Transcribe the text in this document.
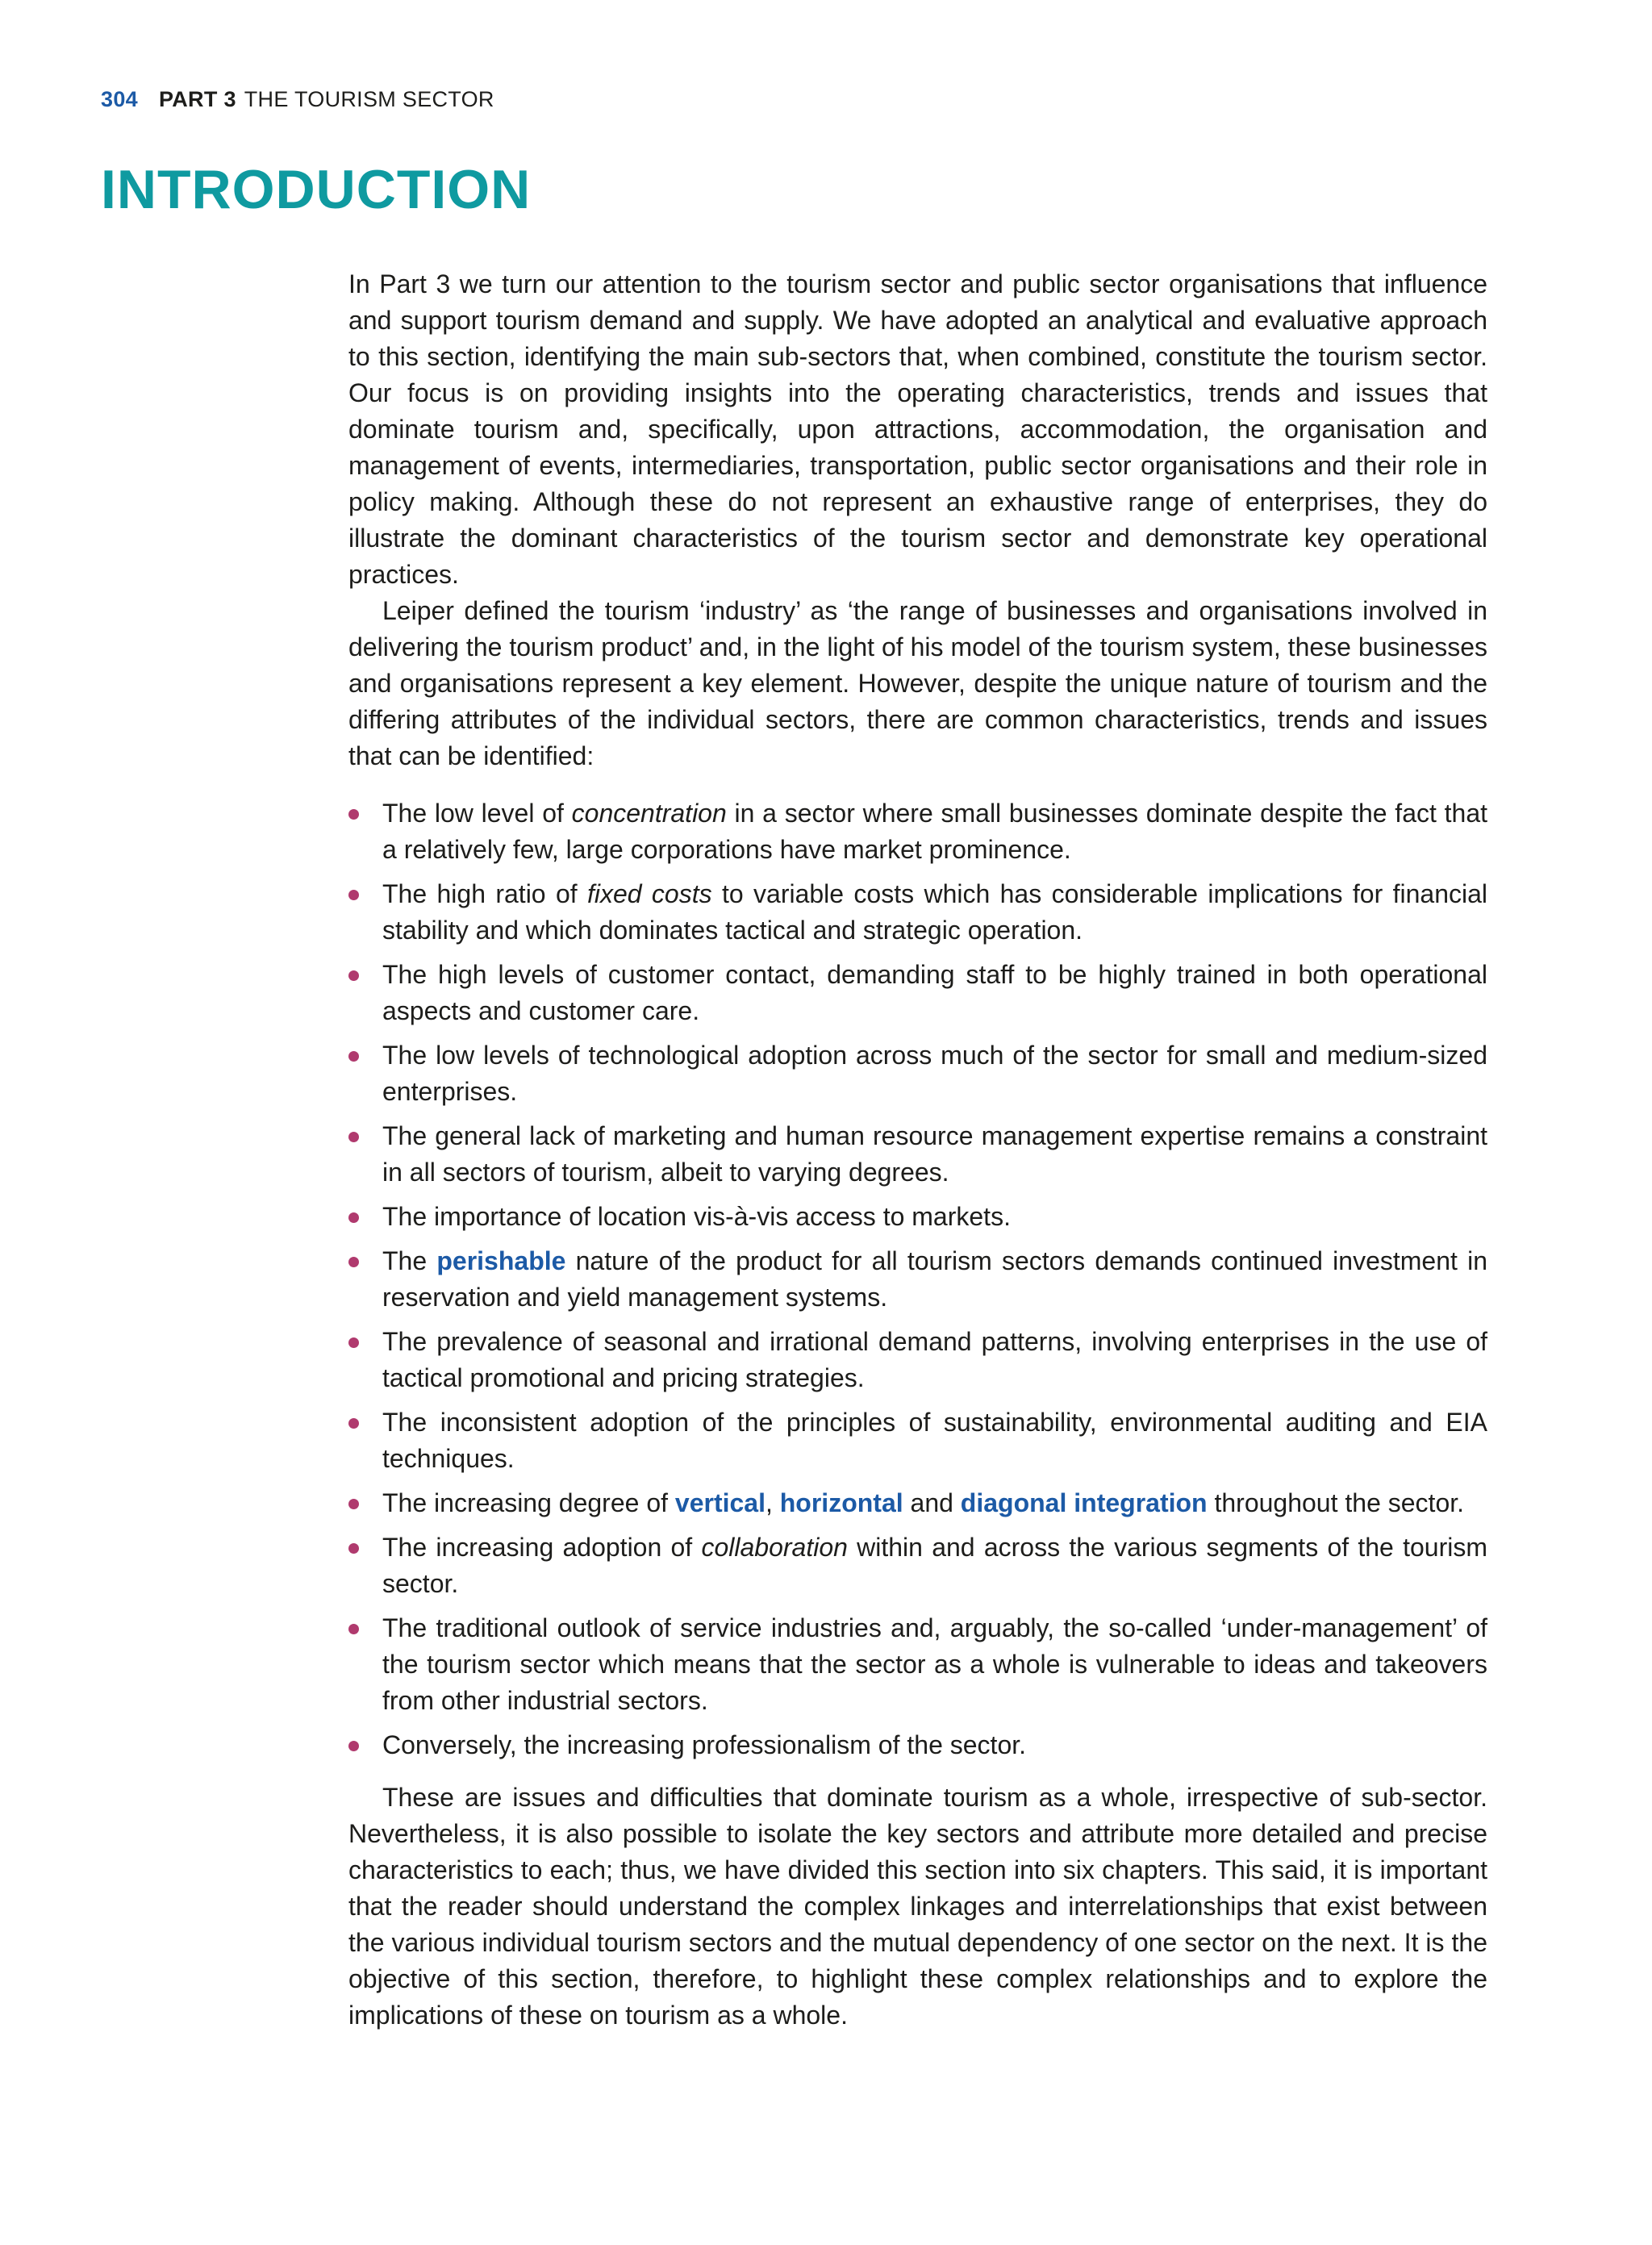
304 PART 3 THE TOURISM SECTOR
INTRODUCTION

In Part 3 we turn our attention to the tourism sector and public sector organisations that influence and support tourism demand and supply. We have adopted an analytical and evaluative approach to this section, identifying the main sub-sectors that, when combined, constitute the tourism sector. Our focus is on providing insights into the operating characteristics, trends and issues that dominate tourism and, specifically, upon attractions, accommodation, the organisation and management of events, intermediaries, transportation, public sector organisations and their role in policy making. Although these do not represent an exhaustive range of enterprises, they do illustrate the dominant characteristics of the tourism sector and demonstrate key operational practices.

Leiper defined the tourism ‘industry’ as ‘the range of businesses and organisations involved in delivering the tourism product’ and, in the light of his model of the tourism system, these businesses and organisations represent a key element. However, despite the unique nature of tourism and the differing attributes of the individual sectors, there are common characteristics, trends and issues that can be identified:

The low level of concentration in a sector where small businesses dominate despite the fact that a relatively few, large corporations have market prominence.
The high ratio of fixed costs to variable costs which has considerable implications for financial stability and which dominates tactical and strategic operation.
The high levels of customer contact, demanding staff to be highly trained in both operational aspects and customer care.
The low levels of technological adoption across much of the sector for small and medium-sized enterprises.
The general lack of marketing and human resource management expertise remains a constraint in all sectors of tourism, albeit to varying degrees.
The importance of location vis-à-vis access to markets.
The perishable nature of the product for all tourism sectors demands continued investment in reservation and yield management systems.
The prevalence of seasonal and irrational demand patterns, involving enterprises in the use of tactical promotional and pricing strategies.
The inconsistent adoption of the principles of sustainability, environmental auditing and EIA techniques.
The increasing degree of vertical, horizontal and diagonal integration throughout the sector.
The increasing adoption of collaboration within and across the various segments of the tourism sector.
The traditional outlook of service industries and, arguably, the so-called ‘under-management’ of the tourism sector which means that the sector as a whole is vulnerable to ideas and takeovers from other industrial sectors.
Conversely, the increasing professionalism of the sector.

These are issues and difficulties that dominate tourism as a whole, irrespective of sub-sector. Nevertheless, it is also possible to isolate the key sectors and attribute more detailed and precise characteristics to each; thus, we have divided this section into six chapters. This said, it is important that the reader should understand the complex linkages and interrelationships that exist between the various individual tourism sectors and the mutual dependency of one sector on the next. It is the objective of this section, therefore, to highlight these complex relationships and to explore the implications of these on tourism as a whole.
